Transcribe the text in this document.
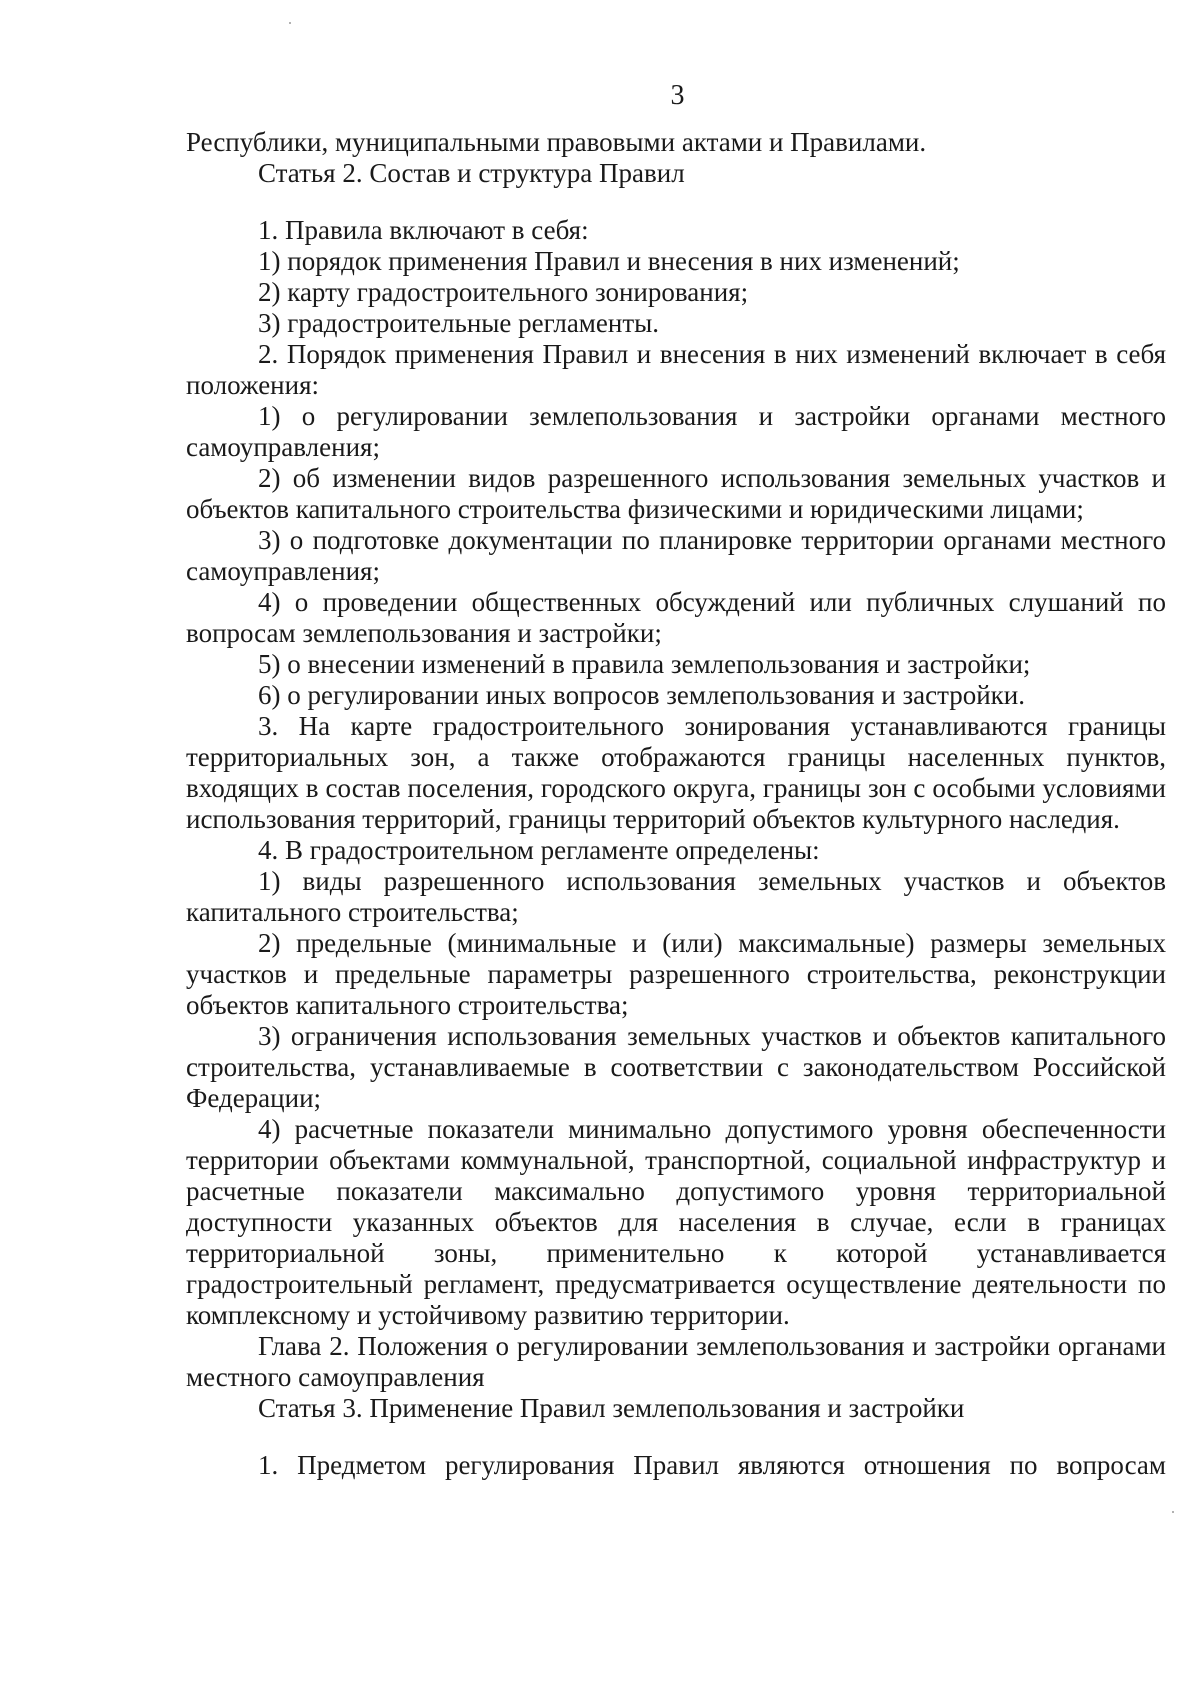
3

Республики, муниципальными правовыми актами и Правилами.

Статья 2. Состав и структура Правил

1. Правила включают в себя:

1) порядок применения Правил и внесения в них изменений;

2) карту градостроительного зонирования;

3) градостроительные регламенты.

2. Порядок применения Правил и внесения в них изменений включает в себя положения:

1) о регулировании землепользования и застройки органами местного самоуправления;

2) об изменении видов разрешенного использования земельных участков и объектов капитального строительства физическими и юридическими лицами;

3) о подготовке документации по планировке территории органами местного самоуправления;

4) о проведении общественных обсуждений или публичных слушаний по вопросам землепользования и застройки;

5) о внесении изменений в правила землепользования и застройки;

6) о регулировании иных вопросов землепользования и застройки.

3. На карте градостроительного зонирования устанавливаются границы территориальных зон, а также отображаются границы населенных пунктов, входящих в состав поселения, городского округа, границы зон с особыми условиями использования территорий, границы территорий объектов культурного наследия.

4. В градостроительном регламенте определены:

1) виды разрешенного использования земельных участков и объектов капитального строительства;

2) предельные (минимальные и (или) максимальные) размеры земельных участков и предельные параметры разрешенного строительства, реконструкции объектов капитального строительства;

3) ограничения использования земельных участков и объектов капитального строительства, устанавливаемые в соответствии с законодательством Российской Федерации;

4) расчетные показатели минимально допустимого уровня обеспеченности территории объектами коммунальной, транспортной, социальной инфраструктур и расчетные показатели максимально допустимого уровня территориальной доступности указанных объектов для населения в случае, если в границах территориальной зоны, применительно к которой устанавливается градостроительный регламент, предусматривается осуществление деятельности по комплексному и устойчивому развитию территории.

Глава 2. Положения о регулировании землепользования и застройки органами местного самоуправления

Статья 3. Применение Правил землепользования и застройки

1. Предметом регулирования Правил являются отношения по вопросам
